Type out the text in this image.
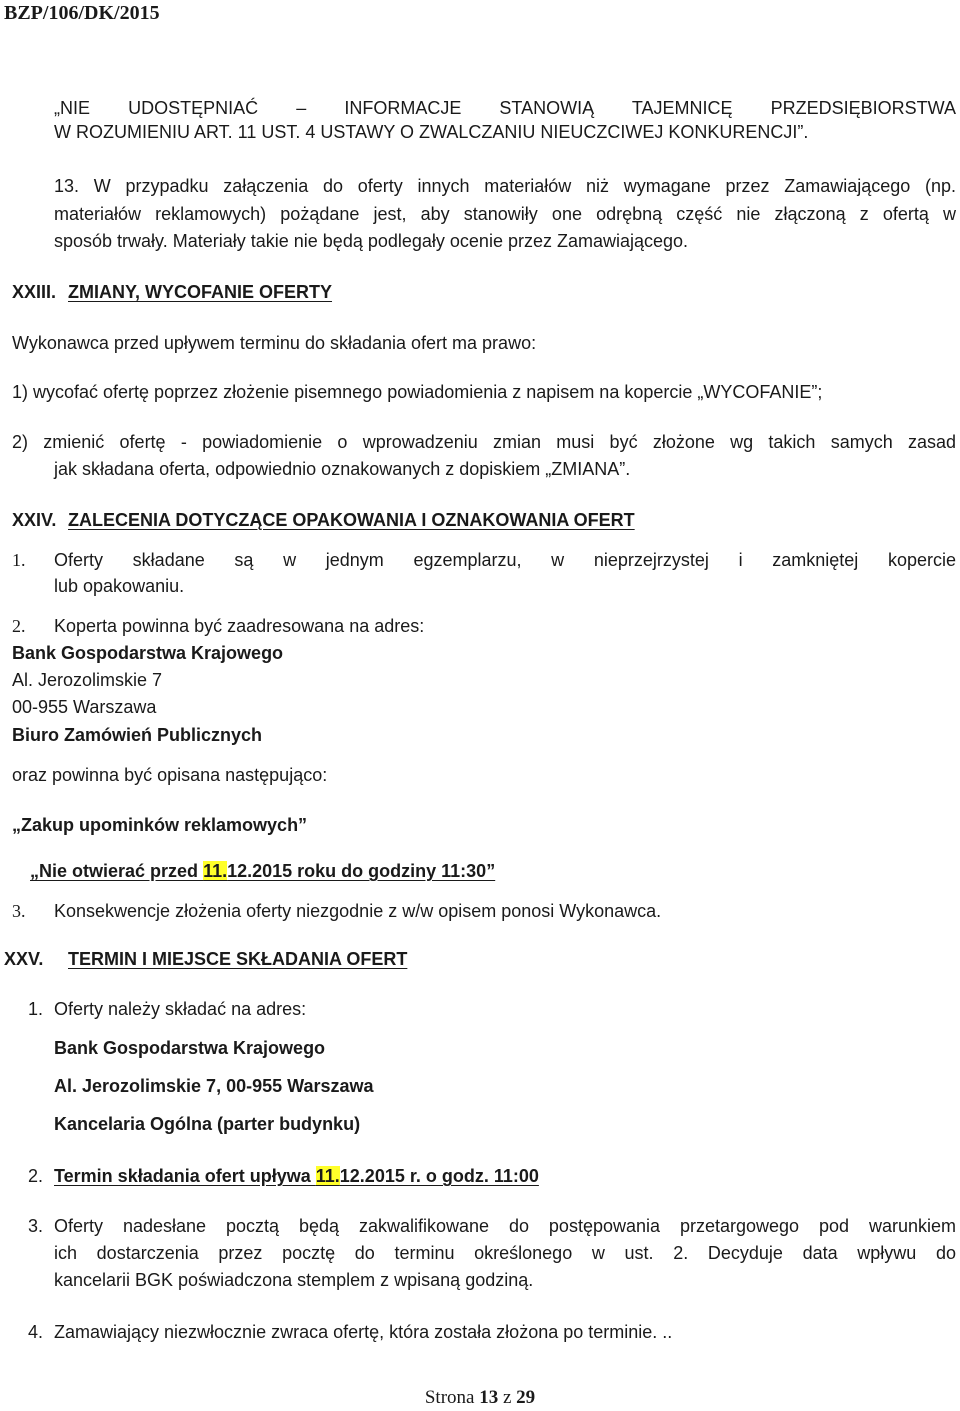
BZP/106/DK/2015
„NIE UDOSTĘPNIAĆ – INFORMACJE STANOWIĄ TAJEMNICĘ PRZEDSIĘBIORSTWA
W ROZUMIENIU ART. 11 UST. 4 USTAWY O ZWALCZANIU NIEUCZCIWEJ KONKURENCJI”.
13. W przypadku załączenia do oferty innych materiałów niż wymagane przez Zamawiającego (np.
materiałów reklamowych) pożądane jest, aby stanowiły one odrębną część nie złączoną z ofertą w
sposób trwały. Materiały takie nie będą podlegały ocenie przez Zamawiającego.
XXIII. ZMIANY, WYCOFANIE OFERTY
Wykonawca przed upływem terminu do składania ofert ma prawo:
1) wycofać ofertę poprzez złożenie pisemnego powiadomienia z napisem na kopercie „WYCOFANIE”;
2) zmienić ofertę - powiadomienie o wprowadzeniu zmian musi być złożone wg takich samych zasad
jak składana oferta, odpowiednio oznakowanych z dopiskiem „ZMIANA”.
XXIV. ZALECENIA DOTYCZĄCE OPAKOWANIA I OZNAKOWANIA OFERT
1. Oferty składane są w jednym egzemplarzu, w nieprzejrzystej i zamkniętej kopercie
lub opakowaniu.
2. Koperta powinna być zaadresowana na adres:
Bank Gospodarstwa Krajowego
Al. Jerozolimskie 7
00-955 Warszawa
Biuro Zamówień Publicznych
oraz powinna być opisana następująco:
„Zakup upominków reklamowych”
„Nie otwierać przed 11.12.2015 roku do godziny 11:30”
3. Konsekwencje złożenia oferty niezgodnie z w/w opisem ponosi Wykonawca.
XXV. TERMIN I MIEJSCE SKŁADANIA OFERT
1. Oferty należy składać na adres:
Bank Gospodarstwa Krajowego
Al. Jerozolimskie 7, 00-955 Warszawa
Kancelaria Ogólna (parter budynku)
2. Termin składania ofert upływa 11.12.2015 r. o godz. 11:00
3. Oferty nadesłane pocztą będą zakwalifikowane do postępowania przetargowego pod warunkiem
ich dostarczenia przez pocztę do terminu określonego w ust. 2. Decyduje data wpływu do
kancelarii BGK poświadczona stemplem z wpisaną godziną.
4. Zamawiający niezwłocznie zwraca ofertę, która została złożona po terminie. ..
Strona 13 z 29
